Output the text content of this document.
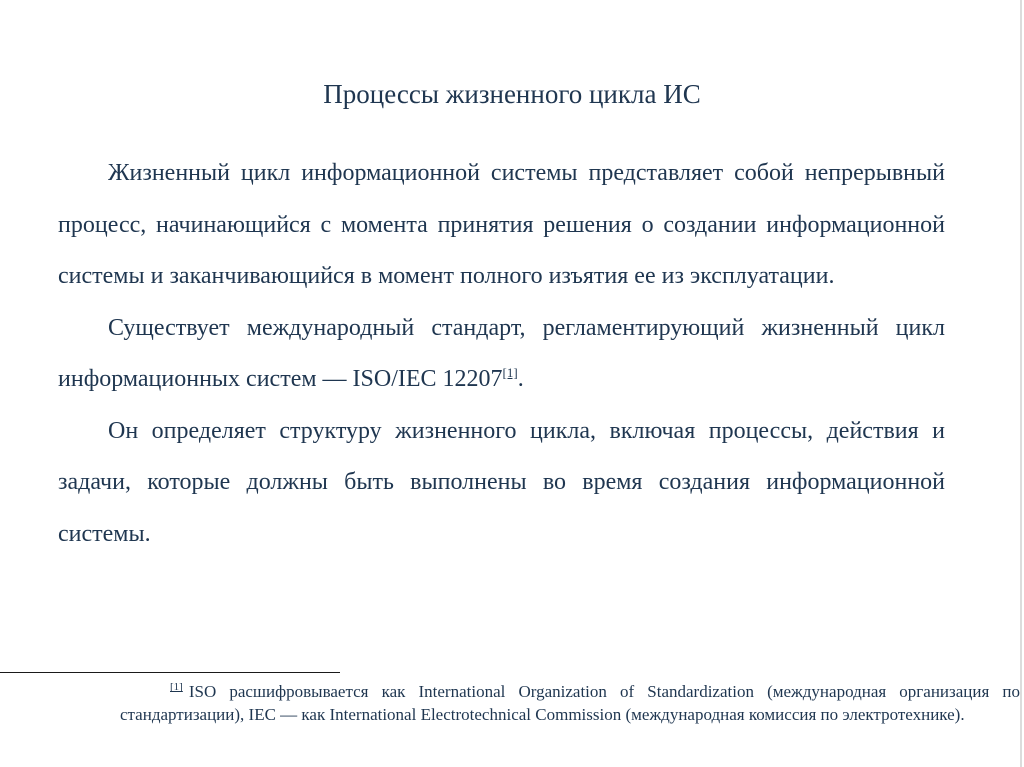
Процессы жизненного цикла ИС

Жизненный цикл информационной системы представляет собой непрерывный процесс, начинающийся с момента принятия решения о создании информационной системы и заканчивающийся в момент полного изъятия ее из эксплуатации.

Существует международный стандарт, регламентирующий жизненный цикл информационных систем — ISO/IEC 12207[1].

Он определяет структуру жизненного цикла, включая процессы, действия и задачи, которые должны быть выполнены во время создания информационной системы.

[1] ISO расшифровывается как International Organization of Standardization (международная организация по стандартизации), IEC — как International Electrotechnical Commission (международная комиссия по электротехнике).
